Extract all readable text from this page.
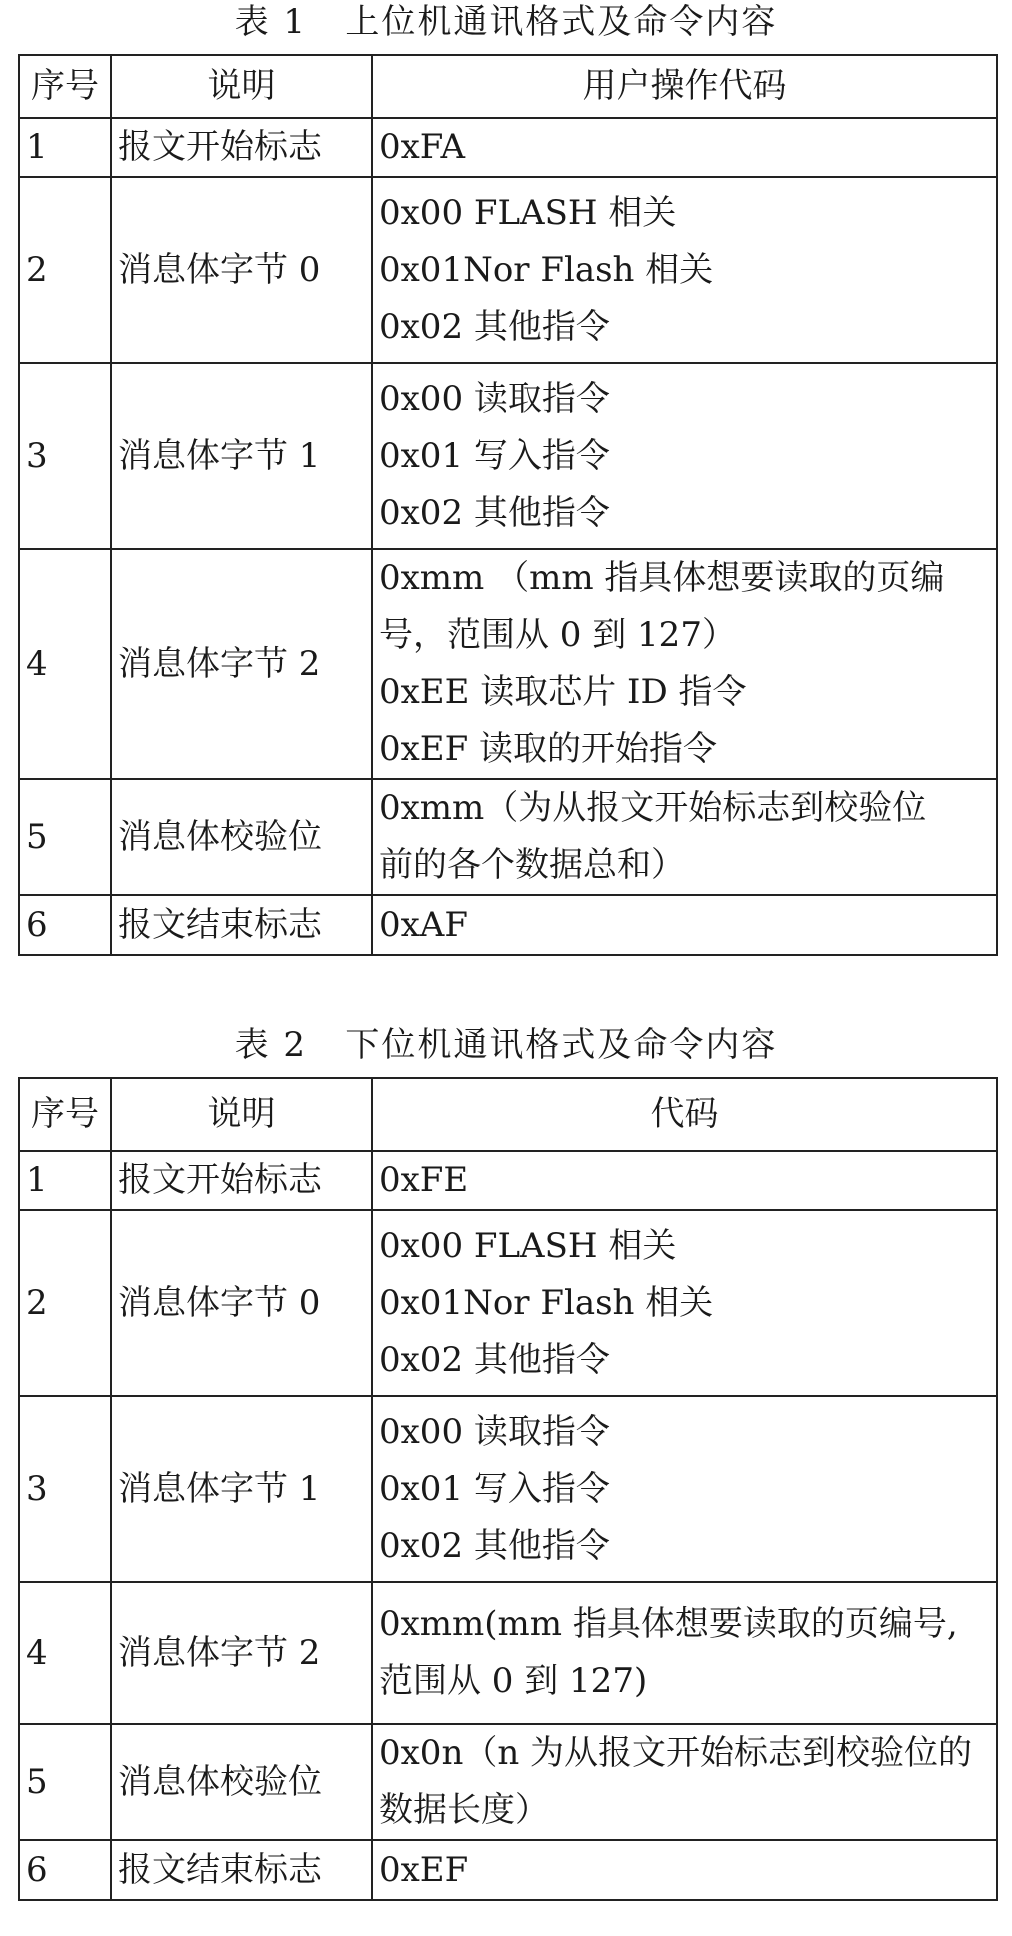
表 1   上位机通讯格式及命令内容
序号	说明	用户操作代码
1	报文开始标志	0xFA

2	消息体字节 0	0x00 FLASH 相关
0x01Nor Flash 相关
0x02 其他指令

3	消息体字节 1	0x00 读取指令
0x01 写入指令
0x02 其他指令

4	消息体字节 2	0xmm （mm 指具体想要读取的页编
号，范围从 0 到 127）
0xEE 读取芯片 ID 指令
0xEF 读取的开始指令

5	消息体校验位	0xmm（为从报文开始标志到校验位
前的各个数据总和）

6	报文结束标志	0xAF
表 2   下位机通讯格式及命令内容
序号	说明	代码
1	报文开始标志	0xFE

2	消息体字节 0	0x00 FLASH 相关
0x01Nor Flash 相关
0x02 其他指令

3	消息体字节 1	0x00 读取指令
0x01 写入指令
0x02 其他指令

4	消息体字节 2	0xmm(mm 指具体想要读取的页编号,
范围从 0 到 127)

5	消息体校验位	0x0n（n 为从报文开始标志到校验位的
数据长度）

6	报文结束标志	0xEF
